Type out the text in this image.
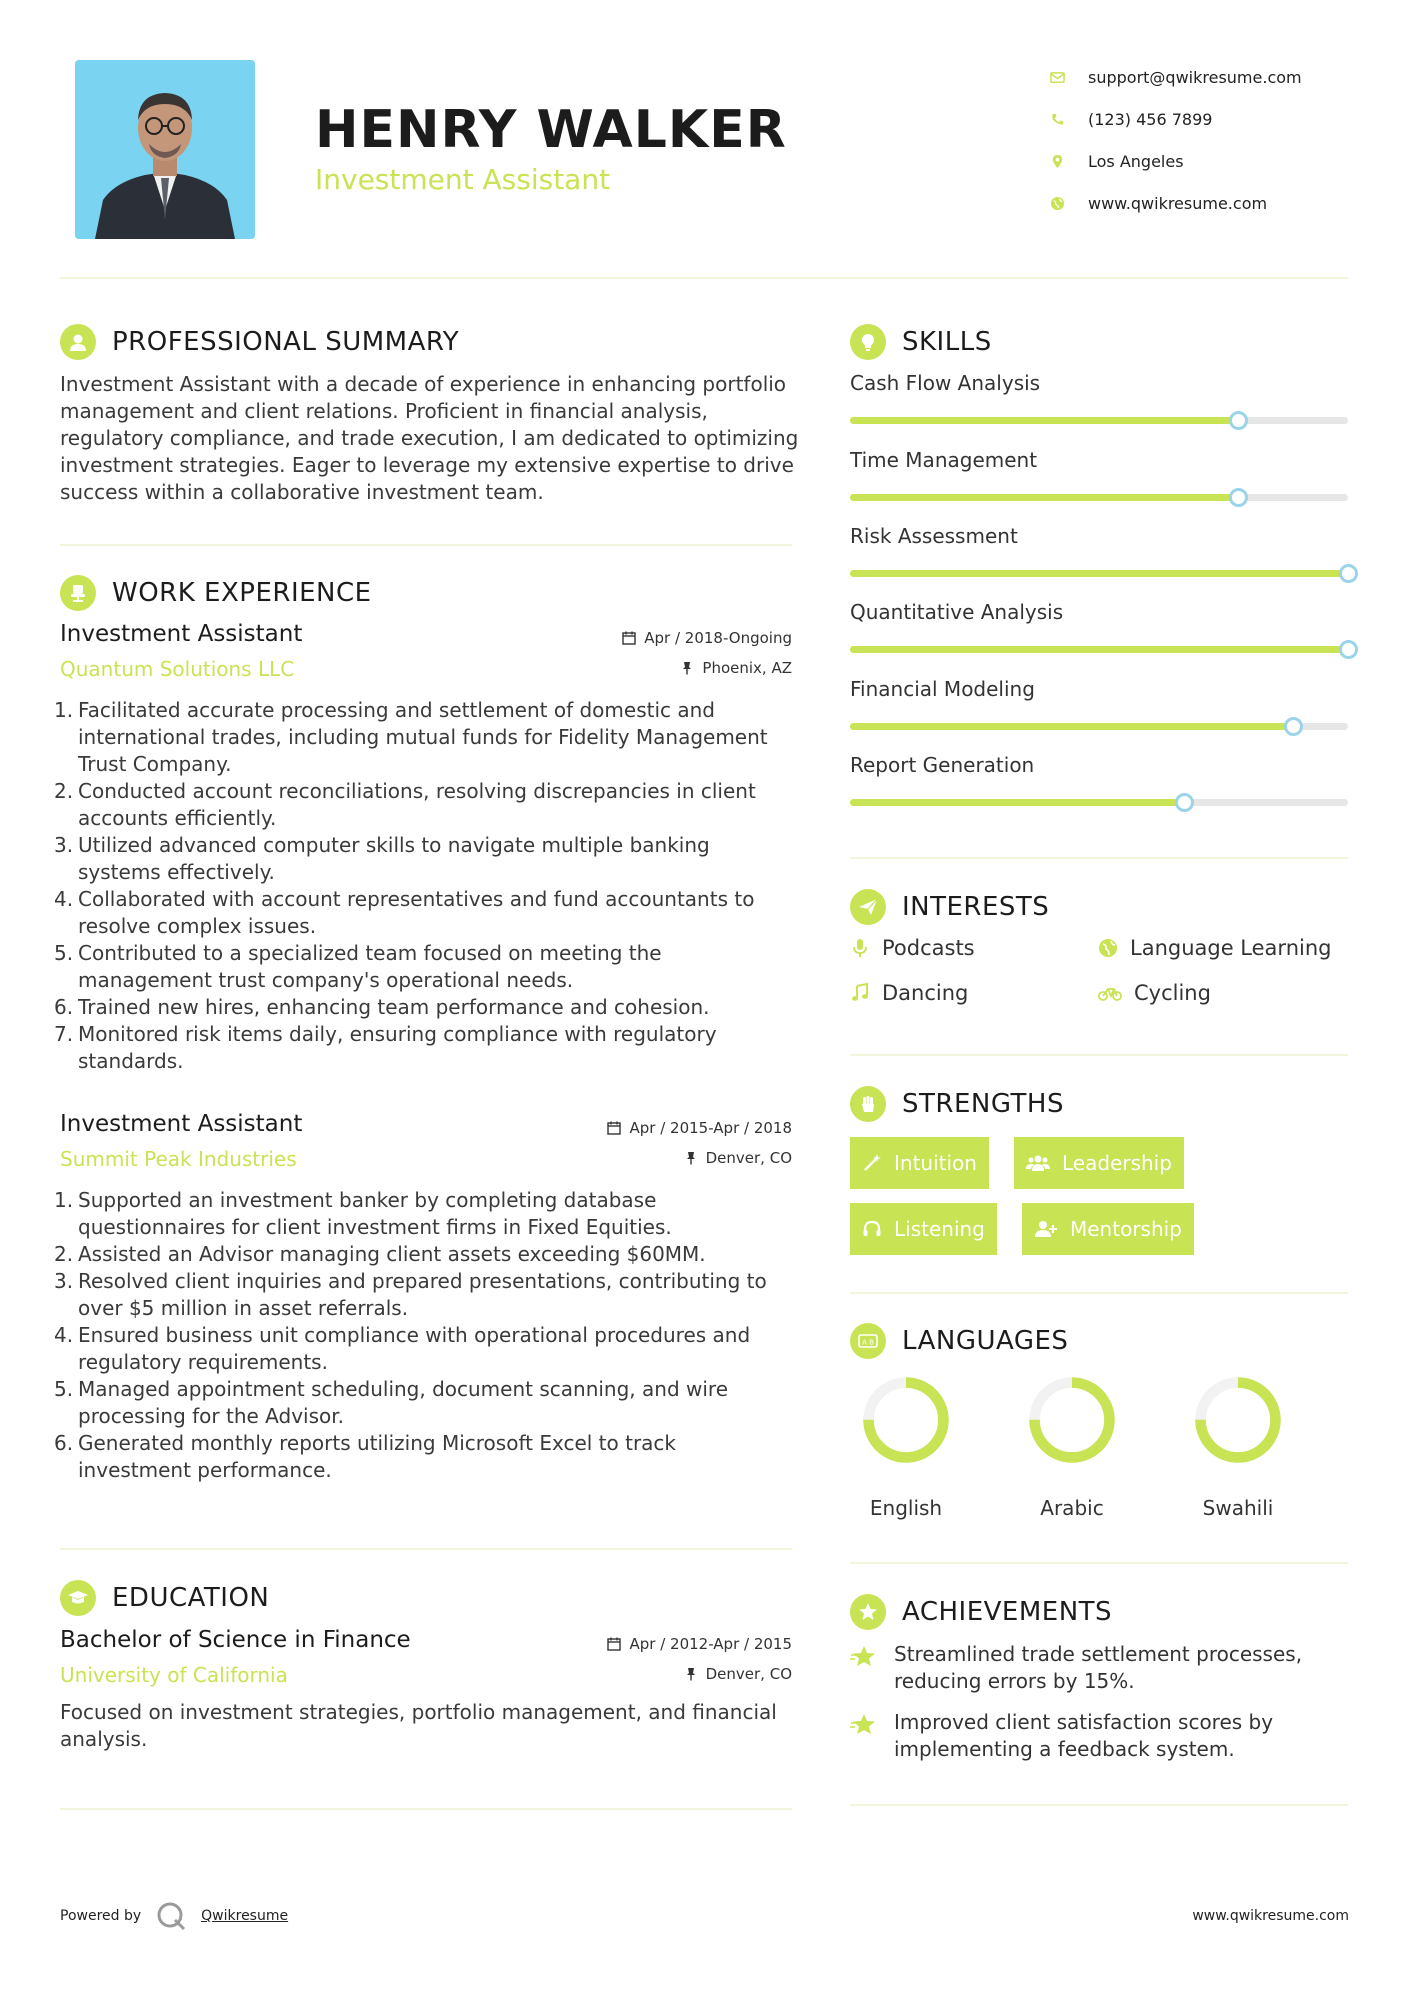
HENRY WALKER
Investment Assistant
support@qwikresume.com
(123) 456 7899
Los Angeles
www.qwikresume.com
PROFESSIONAL SUMMARY
Investment Assistant with a decade of experience in enhancing portfolio management and client relations. Proficient in financial analysis, regulatory compliance, and trade execution, I am dedicated to optimizing investment strategies. Eager to leverage my extensive expertise to drive success within a collaborative investment team.
WORK EXPERIENCE
Investment Assistant	Apr / 2018-Ongoing
Quantum Solutions LLC	Phoenix, AZ
1. Facilitated accurate processing and settlement of domestic and international trades, including mutual funds for Fidelity Management Trust Company.
2. Conducted account reconciliations, resolving discrepancies in client accounts efficiently.
3. Utilized advanced computer skills to navigate multiple banking systems effectively.
4. Collaborated with account representatives and fund accountants to resolve complex issues.
5. Contributed to a specialized team focused on meeting the management trust company's operational needs.
6. Trained new hires, enhancing team performance and cohesion.
7. Monitored risk items daily, ensuring compliance with regulatory standards.
Investment Assistant	Apr / 2015-Apr / 2018
Summit Peak Industries	Denver, CO
1. Supported an investment banker by completing database questionnaires for client investment firms in Fixed Equities.
2. Assisted an Advisor managing client assets exceeding $60MM.
3. Resolved client inquiries and prepared presentations, contributing to over $5 million in asset referrals.
4. Ensured business unit compliance with operational procedures and regulatory requirements.
5. Managed appointment scheduling, document scanning, and wire processing for the Advisor.
6. Generated monthly reports utilizing Microsoft Excel to track investment performance.
EDUCATION
Bachelor of Science in Finance	Apr / 2012-Apr / 2015
University of California	Denver, CO
Focused on investment strategies, portfolio management, and financial analysis.
SKILLS
Cash Flow Analysis
Time Management
Risk Assessment
Quantitative Analysis
Financial Modeling
Report Generation
INTERESTS
Podcasts	Language Learning
Dancing	Cycling
STRENGTHS
Intuition	Leadership
Listening	Mentorship
A B LANGUAGES
English	Arabic	Swahili
ACHIEVEMENTS
Streamlined trade settlement processes, reducing errors by 15%.
Improved client satisfaction scores by implementing a feedback system.
Powered by	Qwikresume	www.qwikresume.com
